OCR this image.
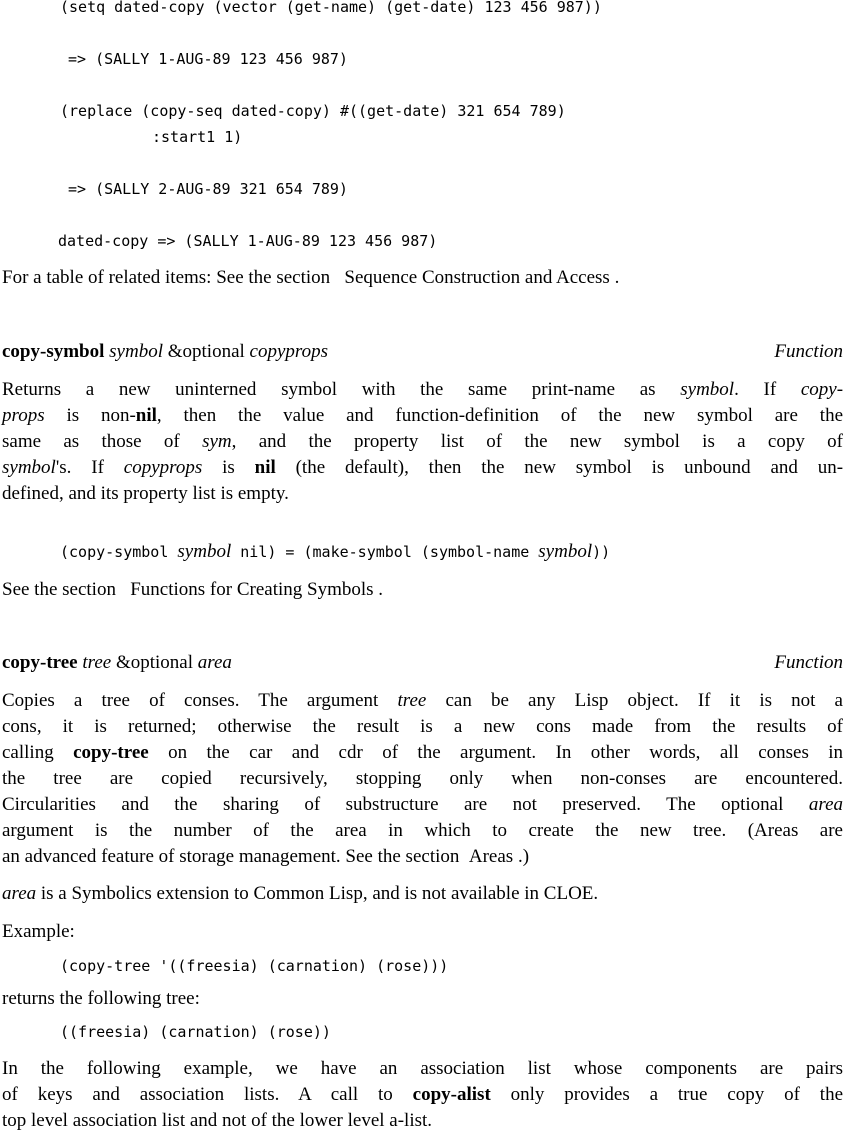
(setq dated-copy (vector (get-name) (get-date) 123 456 987))
=> (SALLY 1-AUG-89 123 456 987)
(replace (copy-seq dated-copy) #((get-date) 321 654 789)
:start1 1)
=> (SALLY 2-AUG-89 321 654 789)
dated-copy => (SALLY 1-AUG-89 123 456 987)
For a table of related items: See the section Sequence Construction and Access .
copy-symbol symbol &optional copyprops	Function
Returns a new uninterned symbol with the same print-name as symbol. If copy-
props is non-nil, then the value and function-definition of the new symbol are the
same as those of sym, and the property list of the new symbol is a copy of
symbol's. If copyprops is nil (the default), then the new symbol is unbound and un-
defined, and its property list is empty.
(copy-symbol symbol nil) = (make-symbol (symbol-name symbol))
See the section Functions for Creating Symbols .
copy-tree tree &optional area	Function
Copies a tree of conses. The argument tree can be any Lisp object. If it is not a
cons, it is returned; otherwise the result is a new cons made from the results of
calling copy-tree on the car and cdr of the argument. In other words, all conses in
the tree are copied recursively, stopping only when non-conses are encountered.
Circularities and the sharing of substructure are not preserved. The optional area
argument is the number of the area in which to create the new tree. (Areas are
an advanced feature of storage management. See the section Areas .)
area is a Symbolics extension to Common Lisp, and is not available in CLOE.
Example:
(copy-tree '((freesia) (carnation) (rose)))
returns the following tree:
((freesia) (carnation) (rose))
In the following example, we have an association list whose components are pairs
of keys and association lists. A call to copy-alist only provides a true copy of the
top level association list and not of the lower level a-list.
